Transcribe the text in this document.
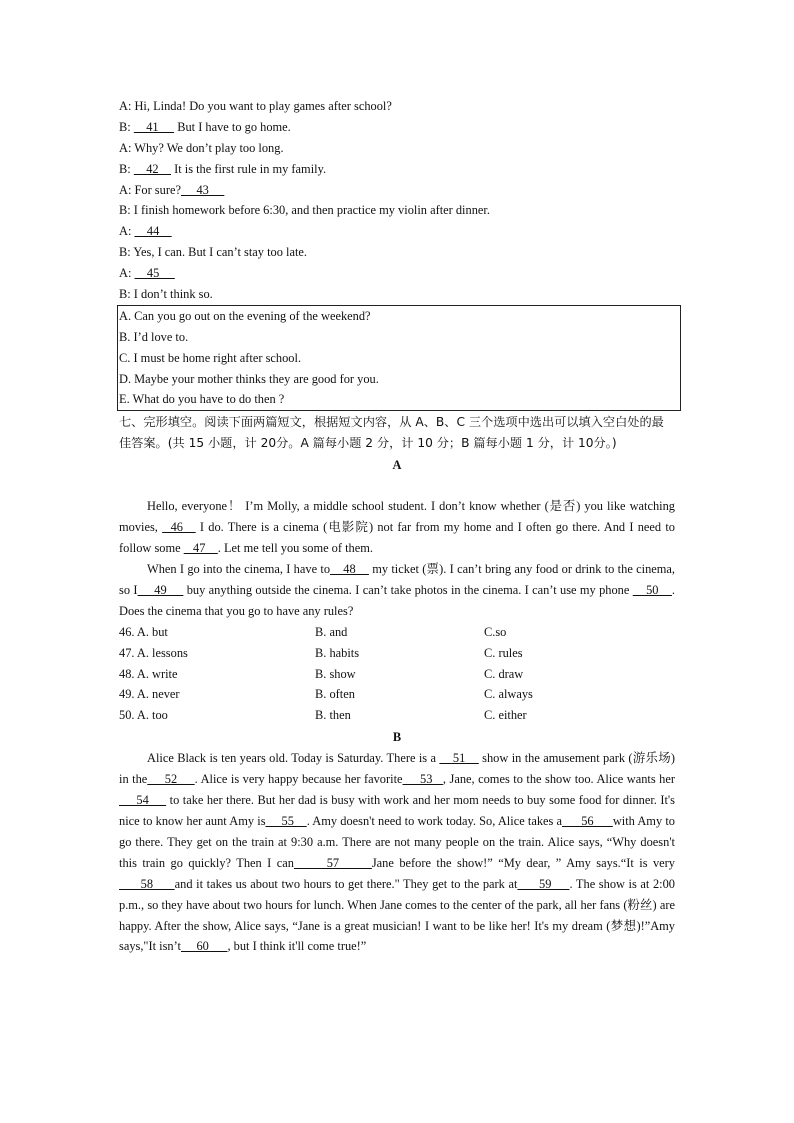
A: Hi, Linda! Do you want to play games after school?
B:     41      But I have to go home.
A: Why? We don’t play too long.
B:     42     It is the first rule in my family.
A: For sure?     43
B: I finish homework before 6:30, and then practice my violin after dinner.
A:     44
B: Yes, I can. But I can’t stay too late.
A:     45
B: I don’t think so.
A. Can you go out on the evening of the weekend?
B. I’d love to.
C. I must be home right after school.
D. Maybe your mother thinks they are good for you.
E. What do you have to do then ?
七、完形填空。阅读下面两篇短文，根据短文内容，从 A、B、C 三个选项中选出可以填入空白处的最佳答案。(共 15 小题，计 20分。A 篇每小题 2 分，计 10 分；B 篇每小题 1 分，计 10分。)
A
Hello, everyone！ I’m Molly, a middle school student. I don’t know whether (是否) you like watching movies,   46    I do. There is a cinema (电影院) not far from my home and I often go there. And I need to follow some    47    . Let me tell you some of them.
When I go into the cinema, I have to    48     my ticket (票). I can’t bring any food or drink to the cinema, so I     49      buy anything outside the cinema. I can’t take photos in the cinema. I can’t use my phone     50    . Does the cinema that you go to have any rules?
46. A. but	B. and	C.so
47. A. lessons	B. habits	C. rules
48. A. write	B. show	C. draw
49. A. never	B. often	C. always
50. A. too	B. then	C. either
B
Alice Black is ten years old. Today is Saturday. There is a     51     show in the amusement park (游乐场) in the     52     . Alice is very happy because her favorite     53   , Jane, comes to the show too. Alice wants her     54      to take her there. But her dad is busy with work and her mom needs to buy some food for dinner. It's nice to know her aunt Amy is     55    . Amy doesn't need to work today. So, Alice takes a      56      with Amy to go there. They get on the train at 9:30 a.m. There are not many people on the train. Alice says, “Why doesn't this train go quickly? Then I can      57      Jane before the show!” “My dear, ” Amy says.“It is very      58      and it takes us about two hours to get there." They get to the park at      59     . The show is at 2:00 p.m., so they have about two hours for lunch. When Jane comes to the center of the park, all her fans (粉丝) are happy. After the show, Alice says, “Jane is a great musician! I want to be like her! It's my dream (梦想)!”Amy says,"It isn’t     60      , but I think it'll come true!”
